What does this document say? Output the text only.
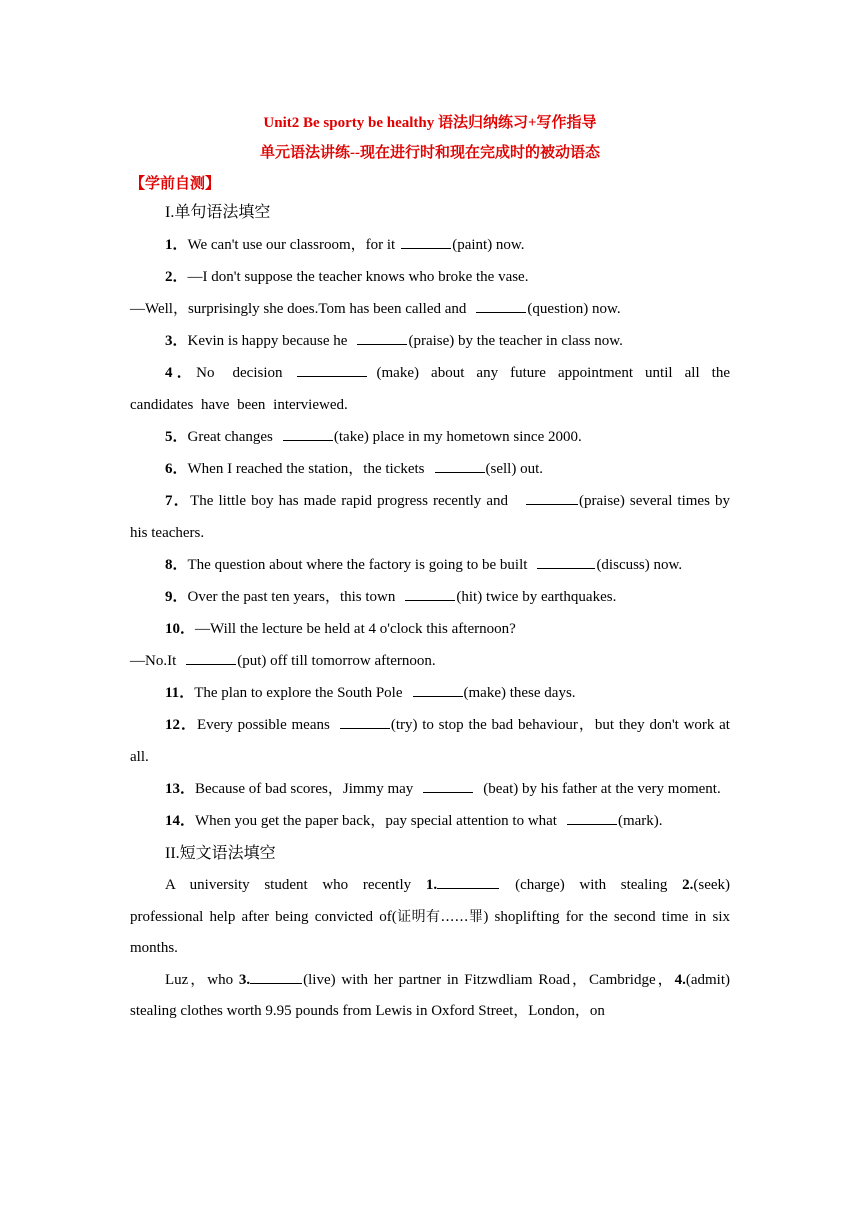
Unit2 Be sporty be healthy 语法归纳练习+写作指导

单元语法讲练--现在进行时和现在完成时的被动语态

【学前自测】
I.单句语法填空

1．We can't use our classroom，for it	(paint) now.

2．—I don't suppose the teacher knows who broke the vase.

—Well，surprisingly she does.Tom has been called and	(question) now.

3．Kevin is happy because he	(praise) by the teacher in class now.

4．No decision	(make) about any future appointment until all the candidates have been interviewed.

5．Great changes	(take) place in my hometown since 2000.

6．When I reached the station，the tickets	(sell) out.

7．The little boy has made rapid progress recently and	(praise) several times by his teachers.

8．The question about where the factory is going to be built	(discuss) now.

9．Over the past ten years，this town	(hit) twice by earthquakes.

10．—Will the lecture be held at 4 o'clock this afternoon?

—No.It	(put) off till tomorrow afternoon.

11．The plan to explore the South Pole	(make) these days.

12．Every possible means	(try) to stop the bad behaviour，but they don't work at all.

13．Because of bad scores，Jimmy may	(beat) by his father at the very moment.

14．When you get the paper back，pay special attention to what	(mark).

II.短文语法填空

A university student who recently 1.	(charge) with stealing 2.(seek) professional help after being convicted of(证明有……罪) shoplifting for the second time in six months.

Luz，who 3.	(live) with her partner in Fitzwdliam Road，Cambridge，4.(admit) stealing clothes worth 9.95 pounds from Lewis in Oxford Street，London，on
